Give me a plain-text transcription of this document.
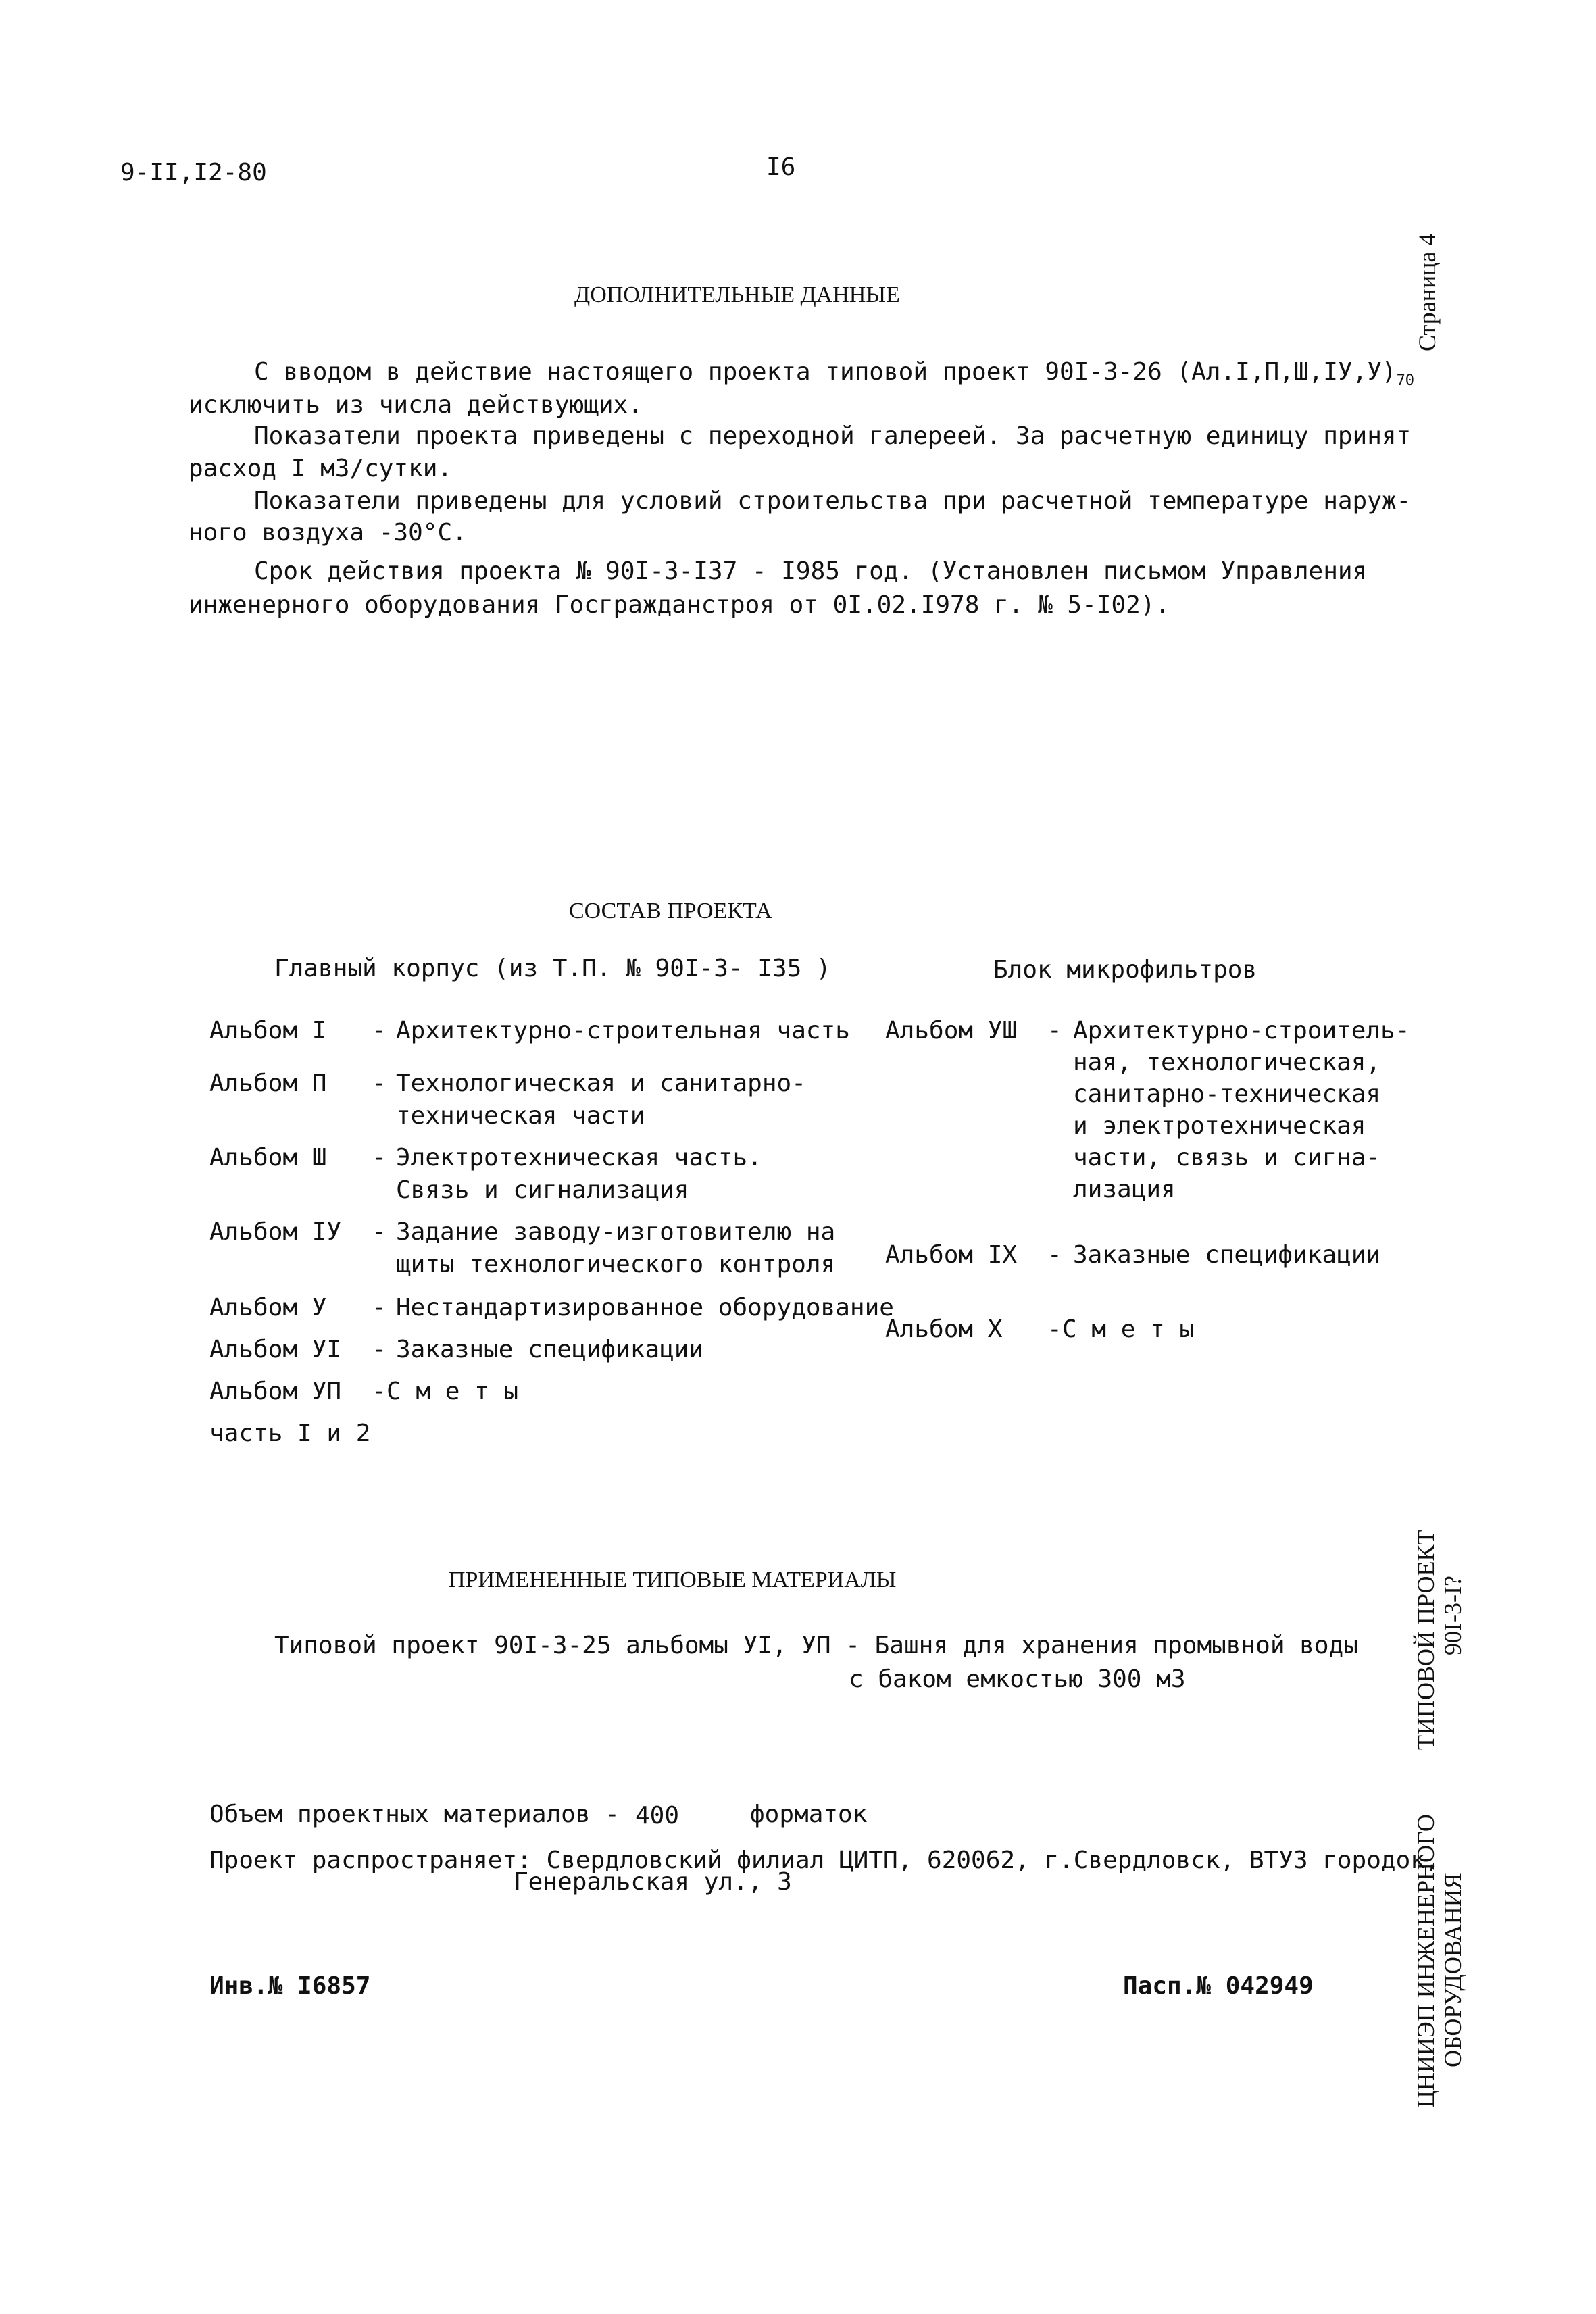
9-II,I2-80	I6
Страница 4
ТИПОВОЙ ПРОЕКТ 90I-3-I?
ЦНИИЭП ИНЖЕНЕРНОГО ОБОРУДОВАНИЯ
ДОПОЛНИТЕЛЬНЫЕ ДАННЫЕ
С вводом в действие настоящего проекта типовой проект 90I-3-26 $(Ал.I,П,Ш,IУ,У)_{70}$
исключить из числа действующих.
Показатели проекта приведены с переходной галереей. За расчетную единицу принят
расход I м3/сутки.
Показатели приведены для условий строительства при расчетной температуре наруж-
ного воздуха -30°С.
Срок действия проекта № 90I-3-I37 - I985 год. (Установлен письмом Управления
инженерного оборудования Госгражданстроя от 0I.02.I978 г. № 5-I02).
СОСТАВ ПРОЕКТА
Главный корпус (из Т.П. № 90I-3- I35 )	Блок микрофильтров
Альбом I - Архитектурно-строительная часть
Альбом П - Технологическая и санитарно-
техническая части
Альбом Ш - Электротехническая часть.
Связь и сигнализация
Альбом IУ - Задание заводу-изготовителю на
щиты технологического контроля
Альбом У - Нестандартизированное оборудование
Альбом УI - Заказные спецификации
Альбом УП - С м е т ы
часть I и 2
Альбом УШ - Архитектурно-строитель-
ная, технологическая,
санитарно-техническая
и электротехническая
части, связь и сигна-
лизация
Альбом IX - Заказные спецификации
Альбом X - С м е т ы
ПРИМЕНЕННЫЕ ТИПОВЫЕ МАТЕРИАЛЫ
Типовой проект 90I-3-25 альбомы УI, УП - Башня для хранения промывной воды
с баком емкостью 300 м3
Объем проектных материалов - 400	форматок
Проект распространяет: Свердловский филиал ЦИТП, 620062, г.Свердловск, ВТУЗ городок,
Генеральская ул., 3
Инв.№ I6857	Пасп.№ 042949
